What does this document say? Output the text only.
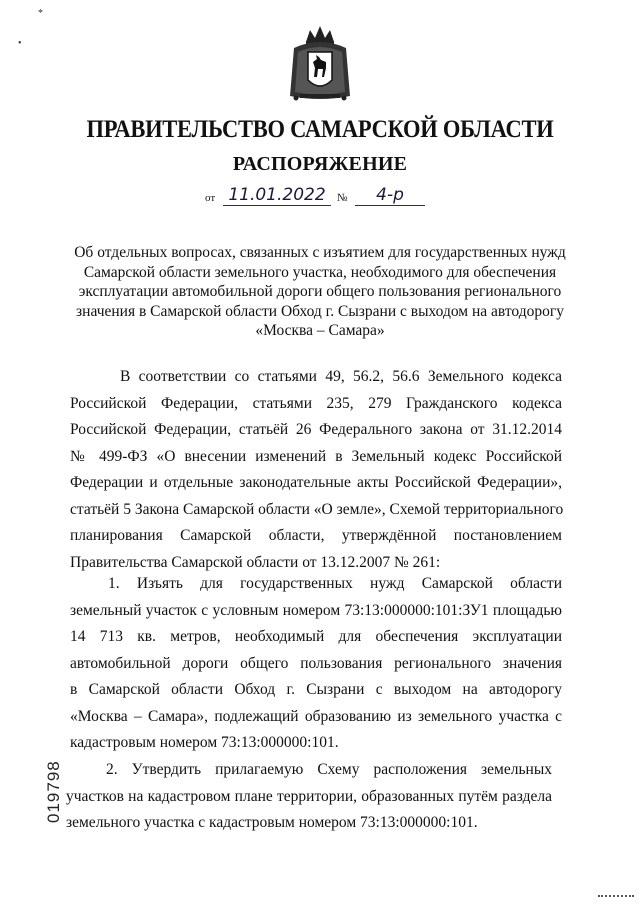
*
•
ПРАВИТЕЛЬСТВО САМАРСКОЙ ОБЛАСТИ
РАСПОРЯЖЕНИЕ
от 11.01.2022	№	4-р
Об отдельных вопросах, связанных с изъятием для государственных нужд
Самарской области земельного участка, необходимого для обеспечения
эксплуатации автомобильной дороги общего пользования регионального
значения в Самарской области Обход г. Сызрани с выходом на автодорогу
«Москва – Самара»
В соответствии со статьями 49, 56.2, 56.6 Земельного кодекса
Российской Федерации, статьями 235, 279 Гражданского кодекса
Российской Федерации, статьёй 26 Федерального закона от 31.12.2014
№ 499-ФЗ «О внесении изменений в Земельный кодекс Российской
Федерации и отдельные законодательные акты Российской Федерации»,
статьёй 5 Закона Самарской области «О земле», Схемой территориального
планирования Самарской области, утверждённой постановлением
Правительства Самарской области от 13.12.2007 № 261:
1. Изъять для государственных нужд Самарской области
земельный участок с условным номером 73:13:000000:101:ЗУ1 площадью
14 713 кв. метров, необходимый для обеспечения эксплуатации
автомобильной дороги общего пользования регионального значения
в Самарской области Обход г. Сызрани с выходом на автодорогу
«Москва – Самара», подлежащий образованию из земельного участка с
кадастровым номером 73:13:000000:101.
2. Утвердить прилагаемую Схему расположения земельных
участков на кадастровом плане территории, образованных путём раздела
земельного участка с кадастровым номером 73:13:000000:101.
019798
